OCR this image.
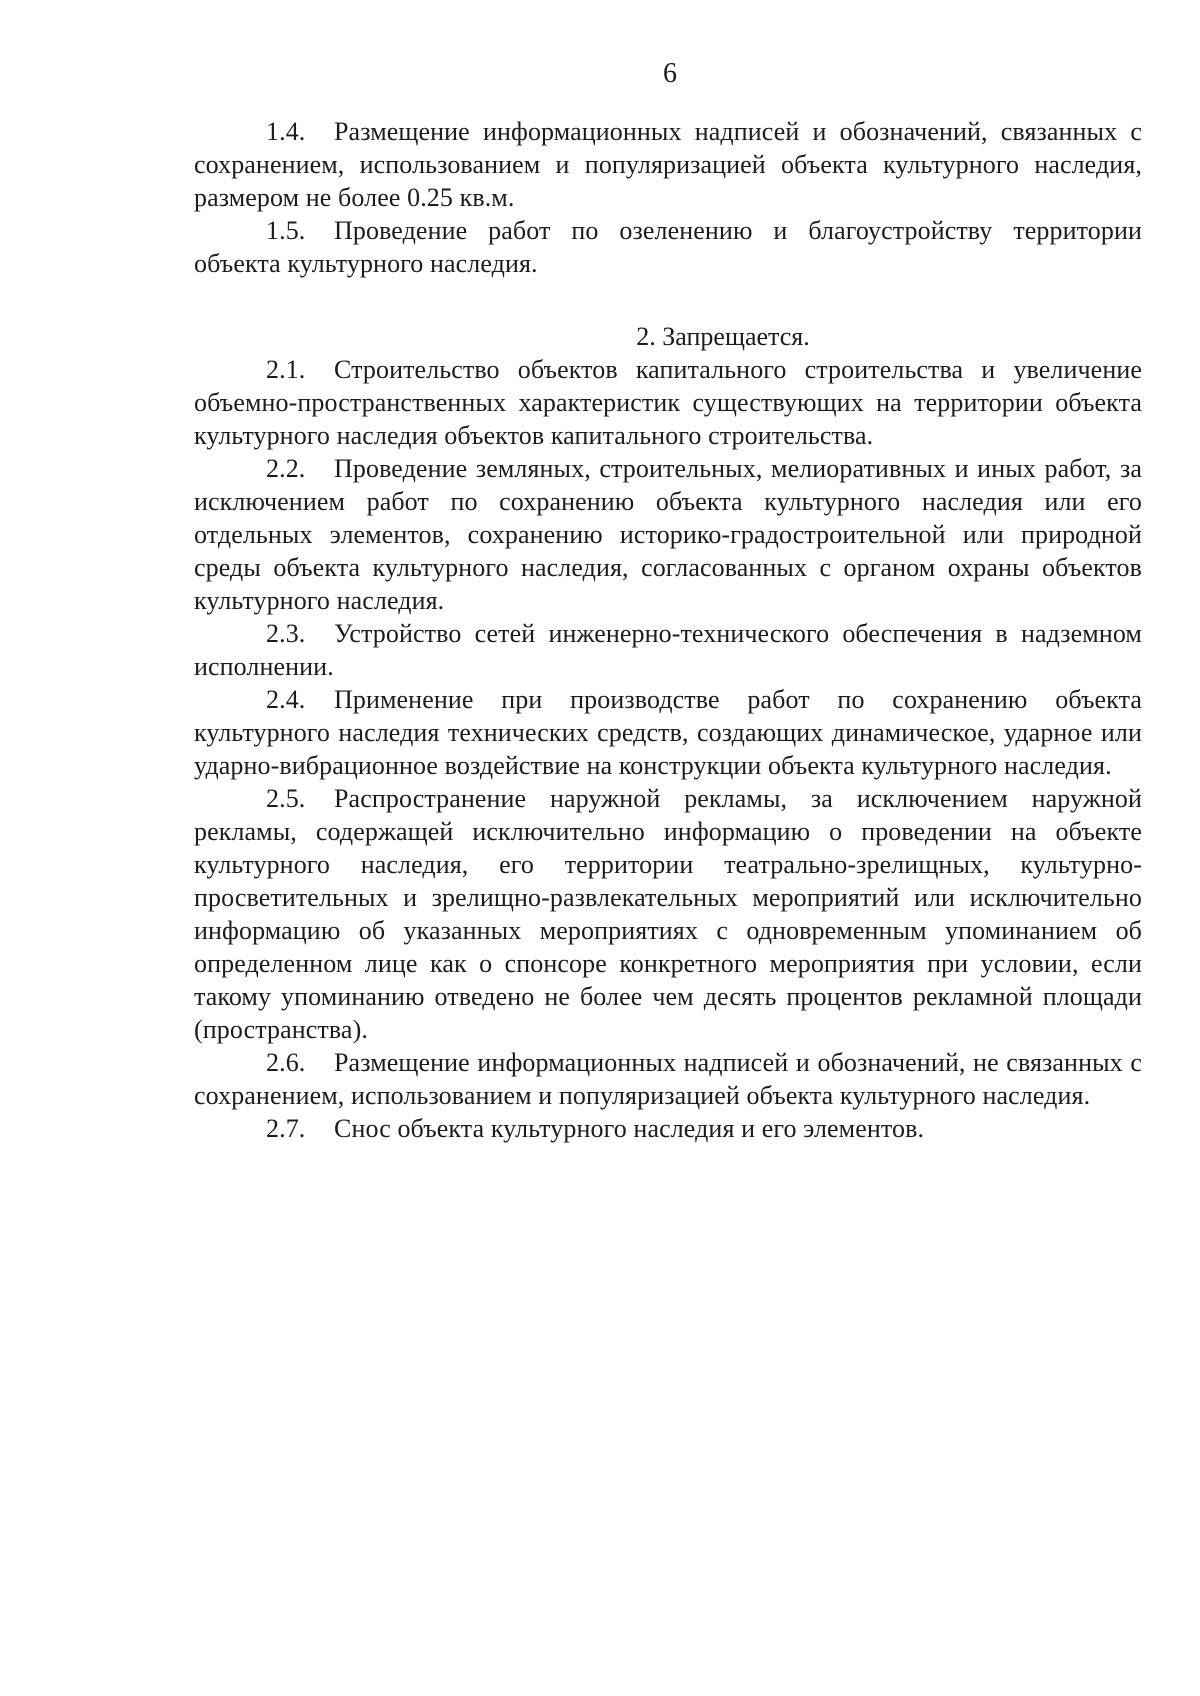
6

1.4. Размещение информационных надписей и обозначений, связанных с сохранением, использованием и популяризацией объекта культурного наследия, размером не более 0.25 кв.м.

1.5. Проведение работ по озеленению и благоустройству территории объекта культурного наследия.

2. Запрещается.

2.1. Строительство объектов капитального строительства и увеличение объемно-пространственных характеристик существующих на территории объекта культурного наследия объектов капитального строительства.

2.2. Проведение земляных, строительных, мелиоративных и иных работ, за исключением работ по сохранению объекта культурного наследия или его отдельных элементов, сохранению историко-градостроительной или природной среды объекта культурного наследия, согласованных с органом охраны объектов культурного наследия.

2.3. Устройство сетей инженерно-технического обеспечения в надземном исполнении.

2.4. Применение при производстве работ по сохранению объекта культурного наследия технических средств, создающих динамическое, ударное или ударно-вибрационное воздействие на конструкции объекта культурного наследия.

2.5. Распространение наружной рекламы, за исключением наружной рекламы, содержащей исключительно информацию о проведении на объекте культурного наследия, его территории театрально-зрелищных, культурно-просветительных и зрелищно-развлекательных мероприятий или исключительно информацию об указанных мероприятиях с одновременным упоминанием об определенном лице как о спонсоре конкретного мероприятия при условии, если такому упоминанию отведено не более чем десять процентов рекламной площади (пространства).

2.6. Размещение информационных надписей и обозначений, не связанных с сохранением, использованием и популяризацией объекта культурного наследия.

2.7. Снос объекта культурного наследия и его элементов.
